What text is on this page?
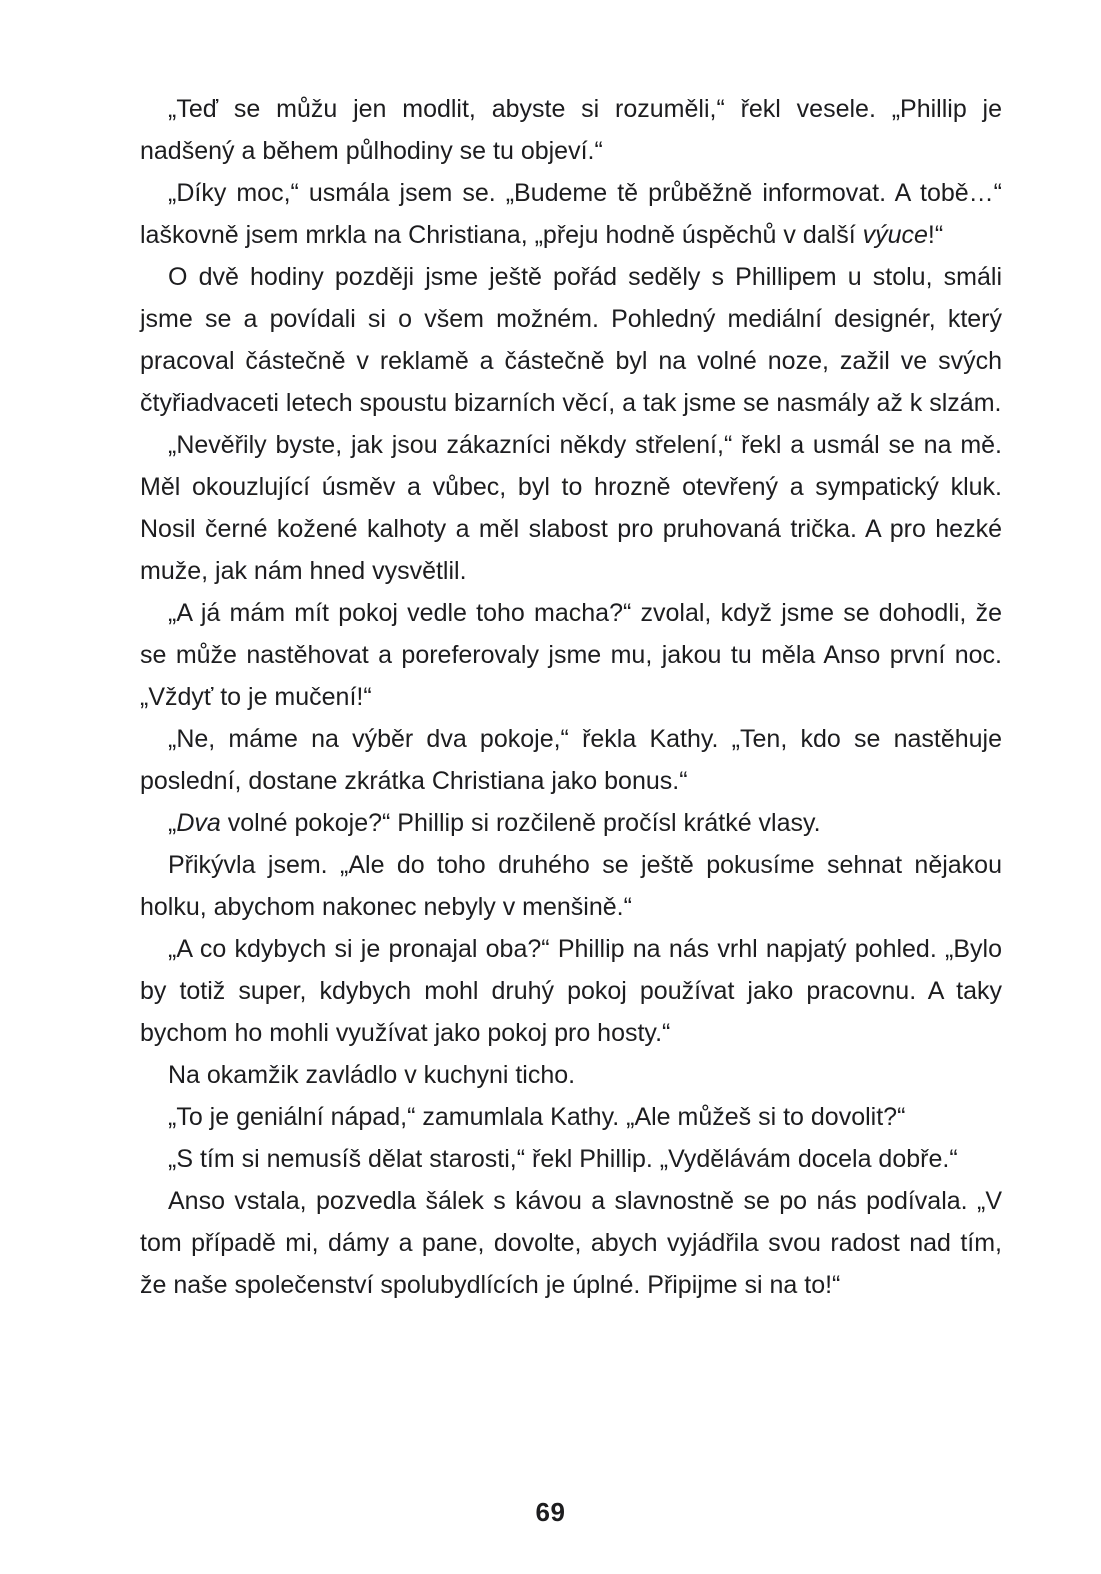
„Teď se můžu jen modlit, abyste si rozuměli,“ řekl vesele. „Phillip je nadšený a během půlhodiny se tu objeví.“

„Díky moc,“ usmála jsem se. „Budeme tě průběžně informovat. A tobě…“ laškovně jsem mrkla na Christiana, „přeju hodně úspěchů v další výuce!“

O dvě hodiny později jsme ještě pořád seděly s Phillipem u stolu, smáli jsme se a povídali si o všem možném. Pohledný mediální designér, který pracoval částečně v reklamě a částečně byl na volné noze, zažil ve svých čtyřiadvaceti letech spoustu bizarních věcí, a tak jsme se nasmály až k slzám.

„Nevěřily byste, jak jsou zákazníci někdy střelení,“ řekl a usmál se na mě. Měl okouzlující úsměv a vůbec, byl to hrozně otevřený a sympatický kluk. Nosil černé kožené kalhoty a měl slabost pro pruhovaná trička. A pro hezké muže, jak nám hned vysvětlil.

„A já mám mít pokoj vedle toho macha?“ zvolal, když jsme se dohodli, že se může nastěhovat a poreferovaly jsme mu, jakou tu měla Anso první noc. „Vždyť to je mučení!“

„Ne, máme na výběr dva pokoje,“ řekla Kathy. „Ten, kdo se nastěhuje poslední, dostane zkrátka Christiana jako bonus.“

„Dva volné pokoje?“ Phillip si rozčileně pročísl krátké vlasy.

Přikývla jsem. „Ale do toho druhého se ještě pokusíme sehnat nějakou holku, abychom nakonec nebyly v menšině.“

„A co kdybych si je pronajal oba?“ Phillip na nás vrhl napjatý pohled. „Bylo by totiž super, kdybych mohl druhý pokoj používat jako pracovnu. A taky bychom ho mohli využívat jako pokoj pro hosty.“

Na okamžik zavládlo v kuchyni ticho.

„To je geniální nápad,“ zamumlala Kathy. „Ale můžeš si to dovolit?“

„S tím si nemusíš dělat starosti,“ řekl Phillip. „Vydělávám docela dobře.“

Anso vstala, pozvedla šálek s kávou a slavnostně se po nás podívala. „V tom případě mi, dámy a pane, dovolte, abych vyjádřila svou radost nad tím, že naše společenství spolubydlících je úplné. Připijme si na to!“

69
